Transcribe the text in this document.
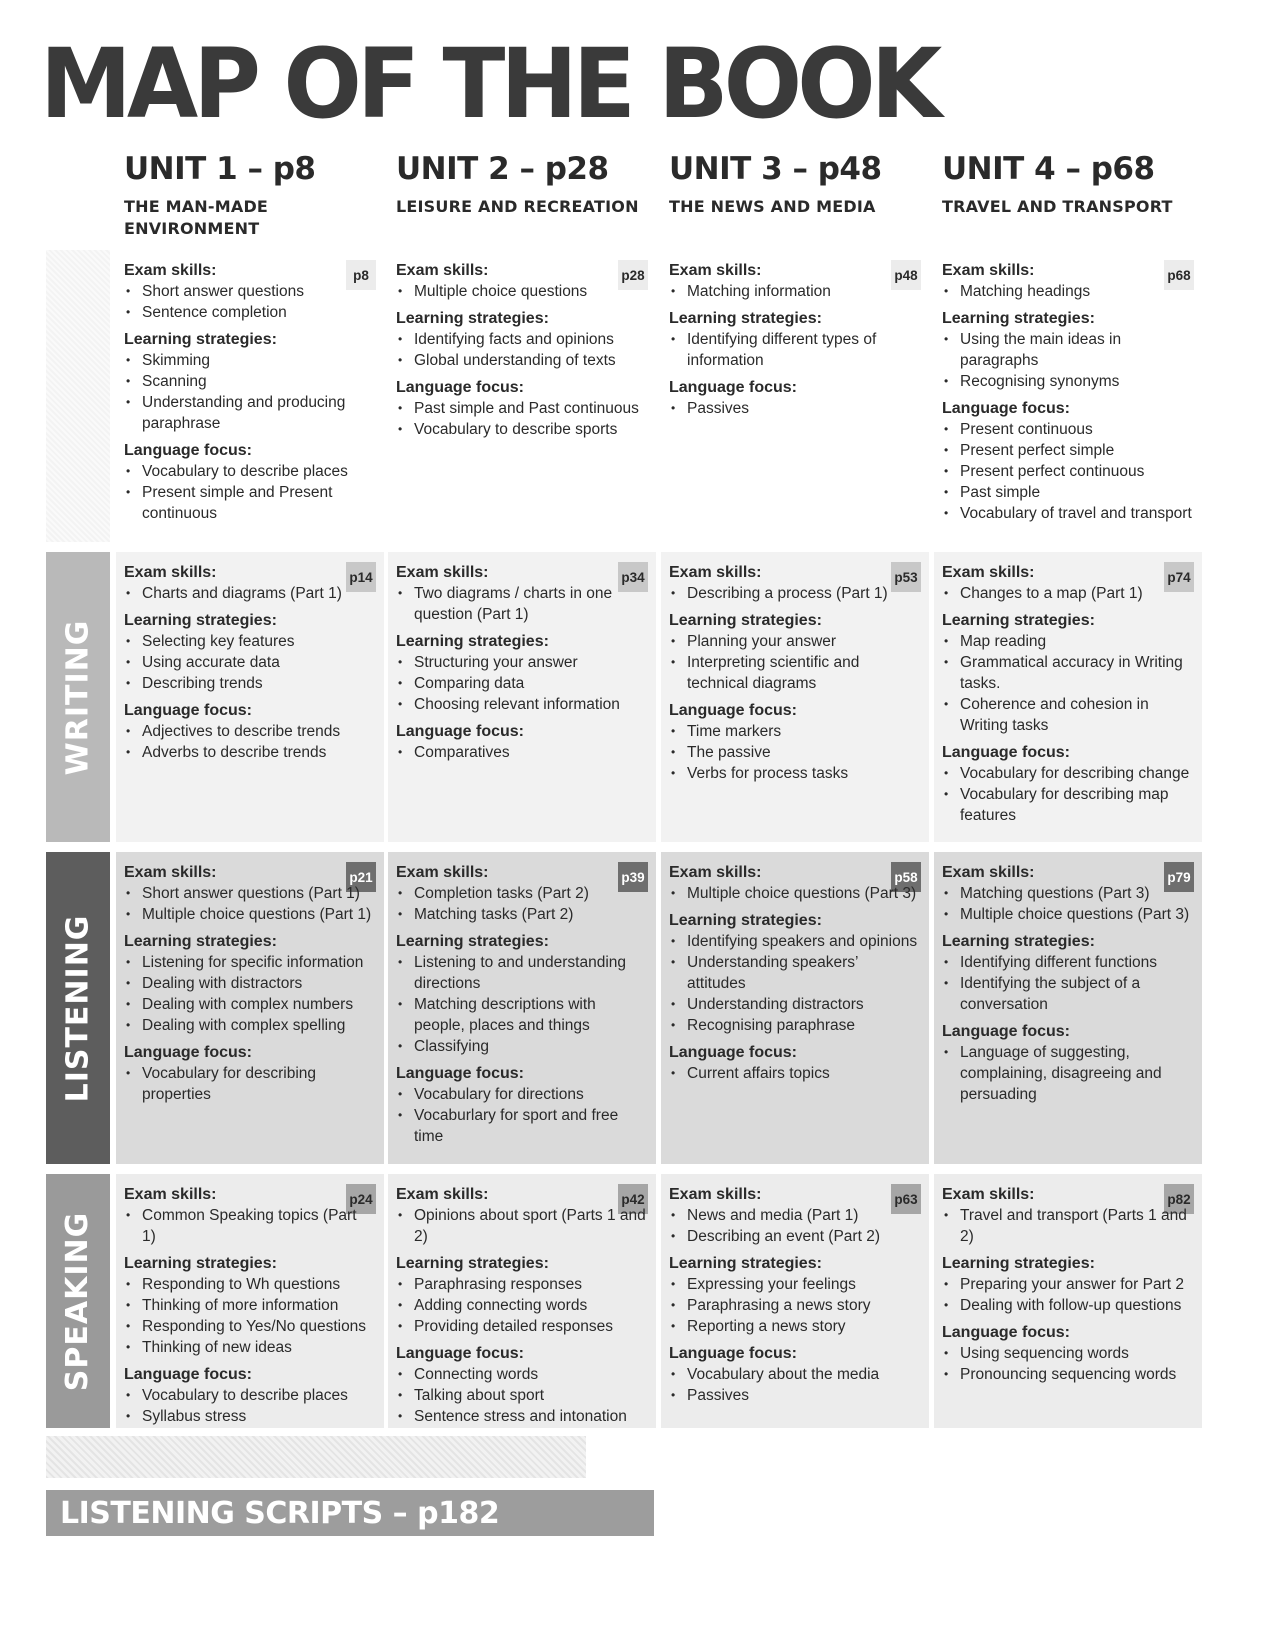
MAP OF THE BOOK
UNIT 1 – p8
THE MAN-MADE ENVIRONMENT
UNIT 2 – p28
LEISURE AND RECREATION
UNIT 3 – p48
THE NEWS AND MEDIA
UNIT 4 – p68
TRAVEL AND TRANSPORT
p8
Exam skills:
• Short answer questions
• Sentence completion
Learning strategies:
• Skimming
• Scanning
• Understanding and producing paraphrase
Language focus:
• Vocabulary to describe places
• Present simple and Present continuous
p28
Exam skills:
• Multiple choice questions
Learning strategies:
• Identifying facts and opinions
• Global understanding of texts
Language focus:
• Past simple and Past continuous
• Vocabulary to describe sports
p48
Exam skills:
• Matching information
Learning strategies:
• Identifying different types of information
Language focus:
• Passives
p68
Exam skills:
• Matching headings
Learning strategies:
• Using the main ideas in paragraphs
• Recognising synonyms
Language focus:
• Present continuous
• Present perfect simple
• Present perfect continuous
• Past simple
• Vocabulary of travel and transport
WRITING
p14
Exam skills:
• Charts and diagrams (Part 1)
Learning strategies:
• Selecting key features
• Using accurate data
• Describing trends
Language focus:
• Adjectives to describe trends
• Adverbs to describe trends
p34
Exam skills:
• Two diagrams / charts in one question (Part 1)
Learning strategies:
• Structuring your answer
• Comparing data
• Choosing relevant information
Language focus:
• Comparatives
p53
Exam skills:
• Describing a process (Part 1)
Learning strategies:
• Planning your answer
• Interpreting scientific and technical diagrams
Language focus:
• Time markers
• The passive
• Verbs for process tasks
p74
Exam skills:
• Changes to a map (Part 1)
Learning strategies:
• Map reading
• Grammatical accuracy in Writing tasks.
• Coherence and cohesion in Writing tasks
Language focus:
• Vocabulary for describing change
• Vocabulary for describing map features
LISTENING
p21
Exam skills:
• Short answer questions (Part 1)
• Multiple choice questions (Part 1)
Learning strategies:
• Listening for specific information
• Dealing with distractors
• Dealing with complex numbers
• Dealing with complex spelling
Language focus:
• Vocabulary for describing properties
p39
Exam skills:
• Completion tasks (Part 2)
• Matching tasks (Part 2)
Learning strategies:
• Listening to and understanding directions
• Matching descriptions with people, places and things
• Classifying
Language focus:
• Vocabulary for directions
• Vocaburlary for sport and free time
p58
Exam skills:
• Multiple choice questions (Part 3)
Learning strategies:
• Identifying speakers and opinions
• Understanding speakers’ attitudes
• Understanding distractors
• Recognising paraphrase
Language focus:
• Current affairs topics
p79
Exam skills:
• Matching questions (Part 3)
• Multiple choice questions (Part 3)
Learning strategies:
• Identifying different functions
• Identifying the subject of a conversation
Language focus:
• Language of suggesting, complaining, disagreeing and persuading
SPEAKING
p24
Exam skills:
• Common Speaking topics (Part 1)
Learning strategies:
• Responding to Wh questions
• Thinking of more information
• Responding to Yes/No questions
• Thinking of new ideas
Language focus:
• Vocabulary to describe places
• Syllabus stress
p42
Exam skills:
• Opinions about sport (Parts 1 and 2)
Learning strategies:
• Paraphrasing responses
• Adding connecting words
• Providing detailed responses
Language focus:
• Connecting words
• Talking about sport
• Sentence stress and intonation
p63
Exam skills:
• News and media (Part 1)
• Describing an event (Part 2)
Learning strategies:
• Expressing your feelings
• Paraphrasing a news story
• Reporting a news story
Language focus:
• Vocabulary about the media
• Passives
p82
Exam skills:
• Travel and transport (Parts 1 and 2)
Learning strategies:
• Preparing your answer for Part 2
• Dealing with follow-up questions
Language focus:
• Using sequencing words
• Pronouncing sequencing words
LISTENING SCRIPTS – p182
